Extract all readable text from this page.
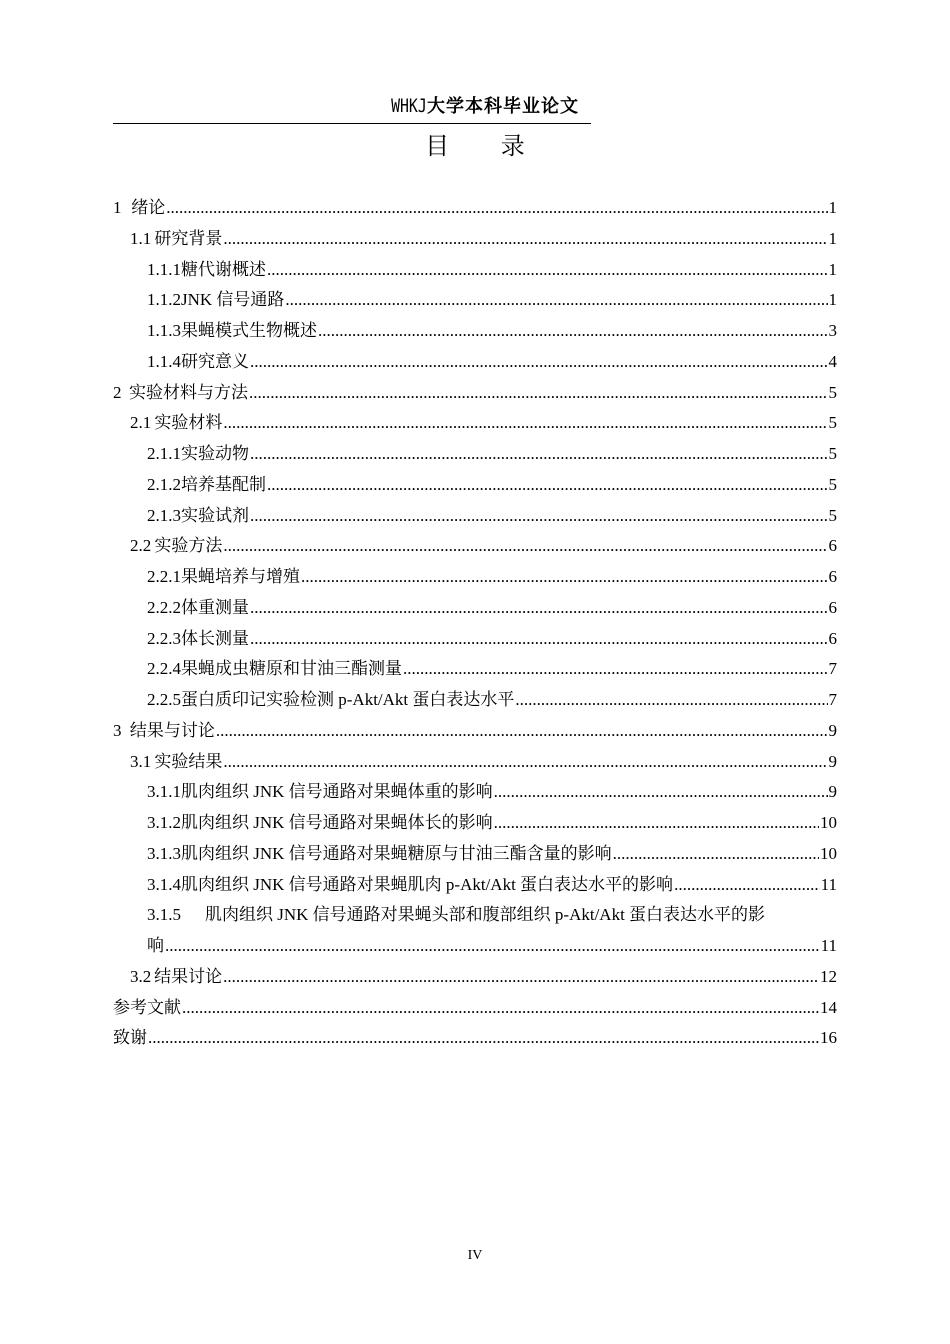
WHKJ 大学本科毕业论文
目 录
1 绪论 .....	1
1.1 研究背景 .....	1
1.1.1 糖代谢概述 .....	1
1.1.2 JNK 信号通路 .....	1
1.1.3 果蝇模式生物概述 .....	3
1.1.4 研究意义 .....	4
2 实验材料与方法 .....	5
2.1 实验材料 .....	5
2.1.1 实验动物 .....	5
2.1.2 培养基配制 .....	5
2.1.3 实验试剂 .....	5
2.2 实验方法 .....	6
2.2.1 果蝇培养与增殖 .....	6
2.2.2 体重测量 .....	6
2.2.3 体长测量 .....	6
2.2.4 果蝇成虫糖原和甘油三酯测量 .....	7
2.2.5 蛋白质印记实验检测 p-Akt/Akt 蛋白表达水平 .....	7
3 结果与讨论 .....	9
3.1 实验结果 .....	9
3.1.1 肌肉组织 JNK 信号通路对果蝇体重的影响 .....	9
3.1.2 肌肉组织 JNK 信号通路对果蝇体长的影响 .....	10
3.1.3 肌肉组织 JNK 信号通路对果蝇糖原与甘油三酯含量的影响 .....	10
3.1.4 肌肉组织 JNK 信号通路对果蝇肌肉 p-Akt/Akt 蛋白表达水平的影响 .....	11
3.1.5 肌肉组织 JNK 信号通路对果蝇头部和腹部组织 p-Akt/Akt 蛋白表达水平的影
响 .....	11
3.2 结果讨论 .....	12
参考文献 .....	14
致谢 .....	16
IV
